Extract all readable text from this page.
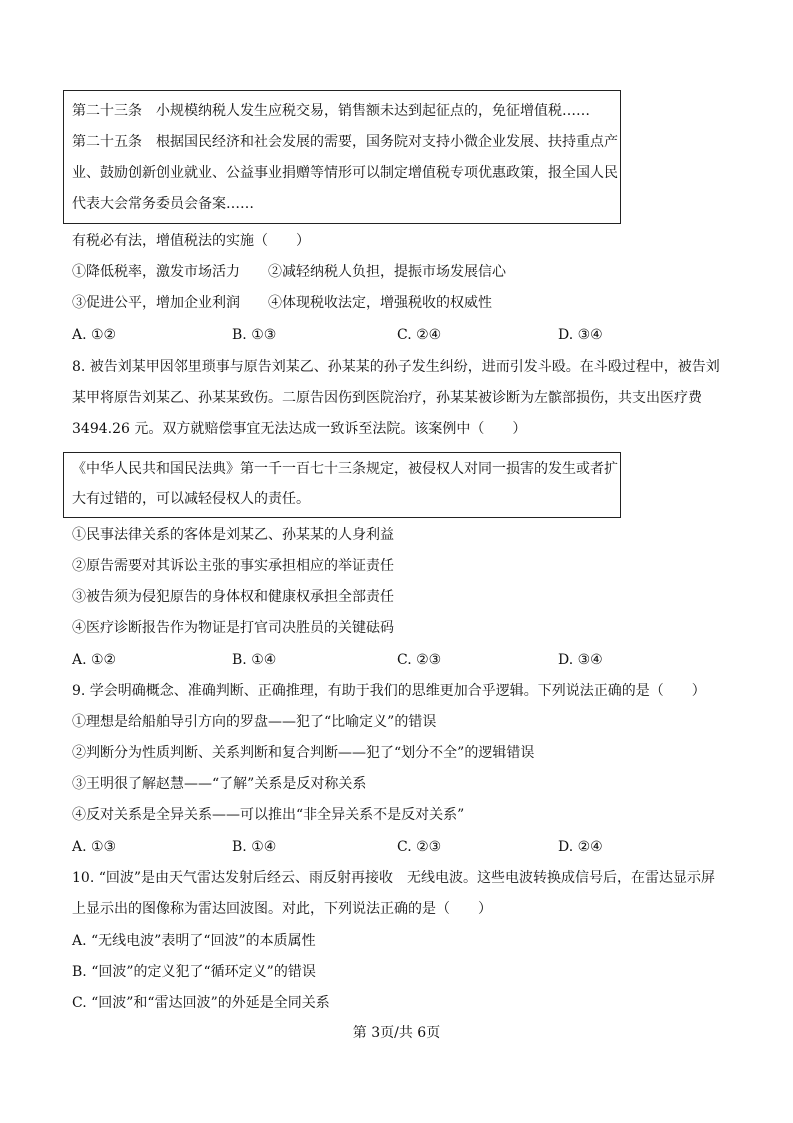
第二十三条　小规模纳税人发生应税交易，销售额未达到起征点的，免征增值税……
第二十五条　根据国民经济和社会发展的需要，国务院对支持小微企业发展、扶持重点产
业、鼓励创新创业就业、公益事业捐赠等情形可以制定增值税专项优惠政策，报全国人民
代表大会常务委员会备案……
有税必有法，增值税法的实施（　　）
①降低税率，激发市场活力　　②减轻纳税人负担，提振市场发展信心
③促进公平，增加企业利润　　④体现税收法定，增强税收的权威性
A. ①②	B. ①③	C. ②④	D. ③④
8. 被告刘某甲因邻里琐事与原告刘某乙、孙某某的孙子发生纠纷，进而引发斗殴。在斗殴过程中，被告刘
某甲将原告刘某乙、孙某某致伤。二原告因伤到医院治疗，孙某某被诊断为左髌部损伤，共支出医疗费
3494.26 元。双方就赔偿事宜无法达成一致诉至法院。该案例中（　　）
《中华人民共和国民法典》第一千一百七十三条规定，被侵权人对同一损害的发生或者扩
大有过错的，可以减轻侵权人的责任。
①民事法律关系的客体是刘某乙、孙某某的人身利益
②原告需要对其诉讼主张的事实承担相应的举证责任
③被告须为侵犯原告的身体权和健康权承担全部责任
④医疗诊断报告作为物证是打官司决胜员的关键砝码
A. ①②	B. ①④	C. ②③	D. ③④
9. 学会明确概念、准确判断、正确推理，有助于我们的思维更加合乎逻辑。下列说法正确的是（　　）
①理想是给船舶导引方向的罗盘——犯了“比喻定义”的错误
②判断分为性质判断、关系判断和复合判断——犯了“划分不全”的逻辑错误
③王明很了解赵慧——“了解”关系是反对称关系
④反对关系是全异关系——可以推出“非全异关系不是反对关系”
A. ①③	B. ①④	C. ②③	D. ②④
10. “回波”是由天气雷达发射后经云、雨反射再接收　无线电波。这些电波转换成信号后，在雷达显示屏
上显示出的图像称为雷达回波图。对此，下列说法正确的是（　　）
A. “无线电波”表明了“回波”的本质属性
B. “回波”的定义犯了“循环定义”的错误
C. “回波”和“雷达回波”的外延是全同关系
第 3页/共 6页
